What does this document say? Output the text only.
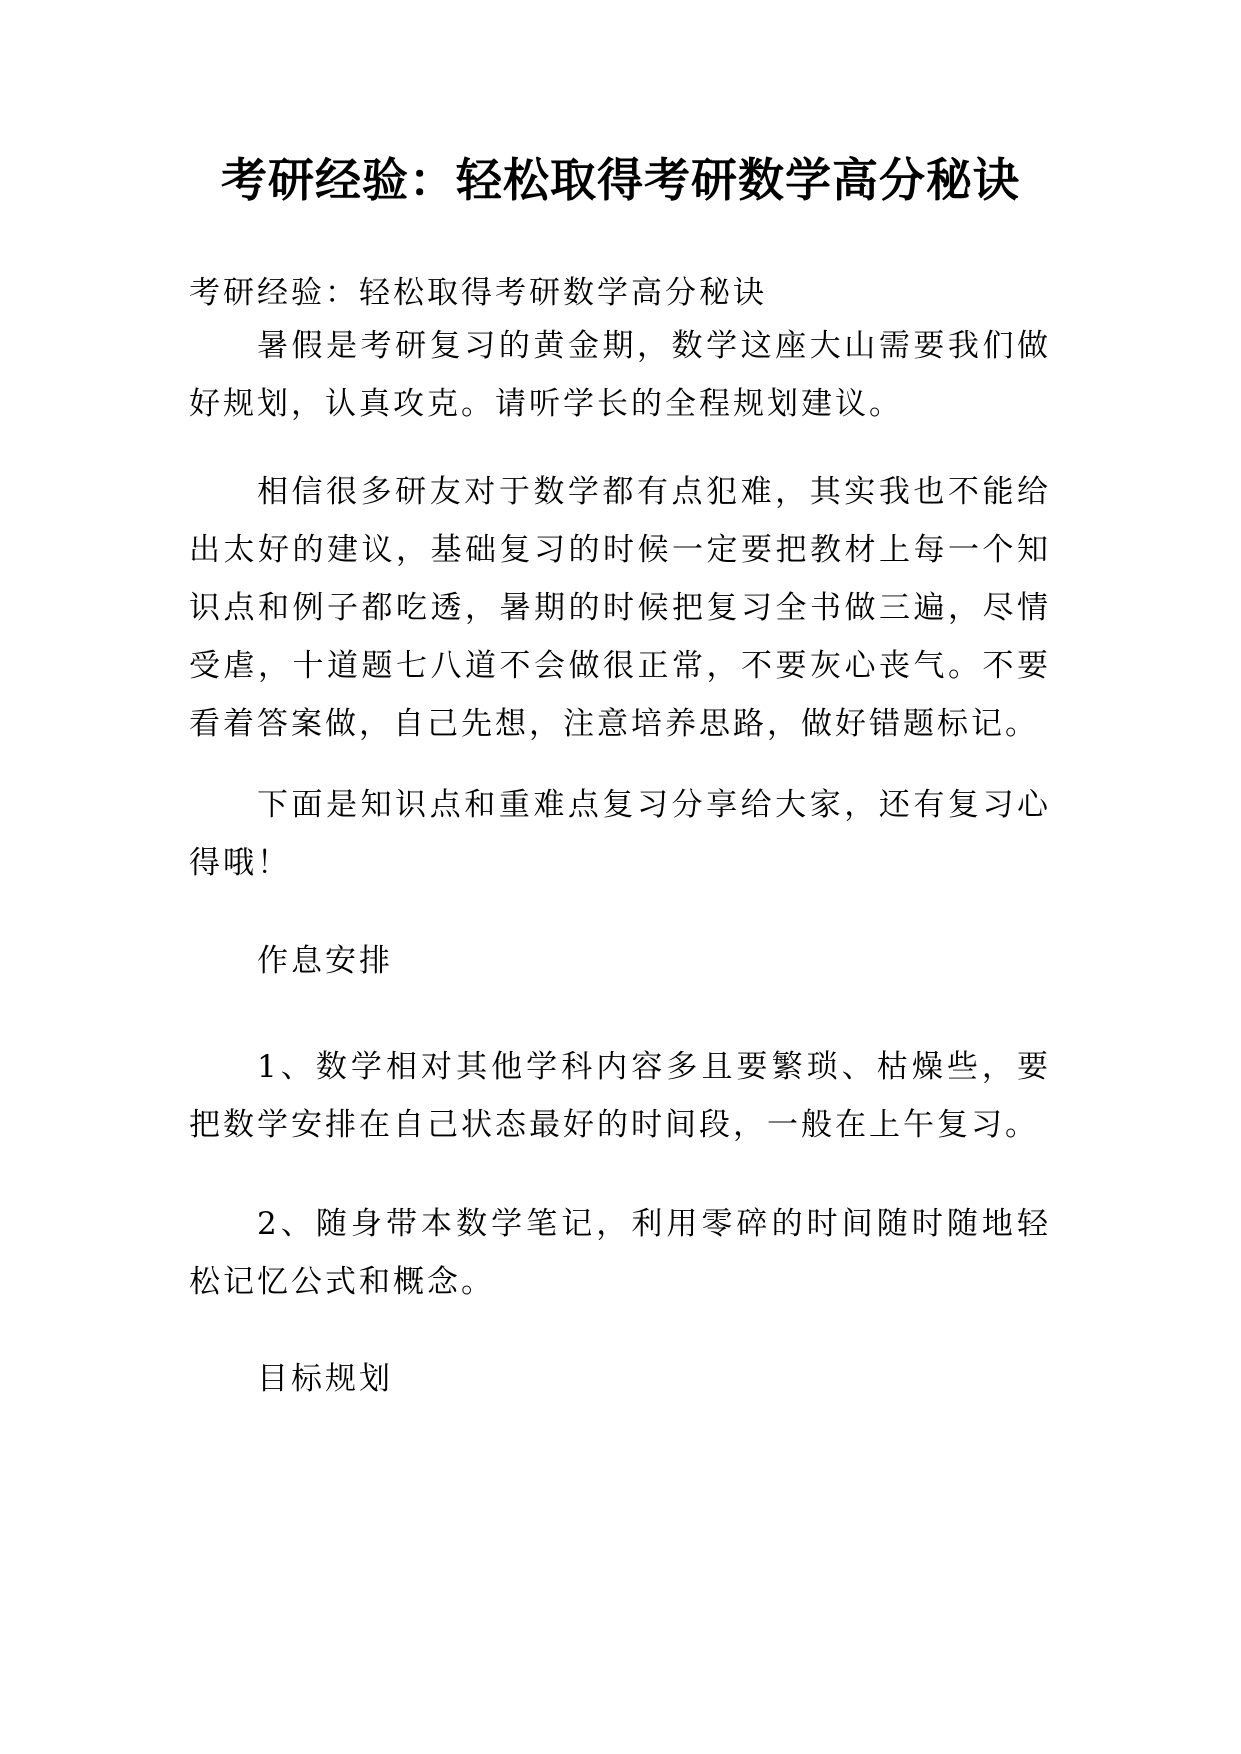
考研经验：轻松取得考研数学高分秘诀

考研经验：轻松取得考研数学高分秘诀

暑假是考研复习的黄金期，数学这座大山需要我们做好规划，认真攻克。请听学长的全程规划建议。

相信很多研友对于数学都有点犯难，其实我也不能给出太好的建议，基础复习的时候一定要把教材上每一个知识点和例子都吃透，暑期的时候把复习全书做三遍，尽情受虐，十道题七八道不会做很正常，不要灰心丧气。不要看着答案做，自己先想，注意培养思路，做好错题标记。

下面是知识点和重难点复习分享给大家，还有复习心得哦！

作息安排

1、数学相对其他学科内容多且要繁琐、枯燥些，要把数学安排在自己状态最好的时间段，一般在上午复习。

2、随身带本数学笔记，利用零碎的时间随时随地轻松记忆公式和概念。

目标规划
